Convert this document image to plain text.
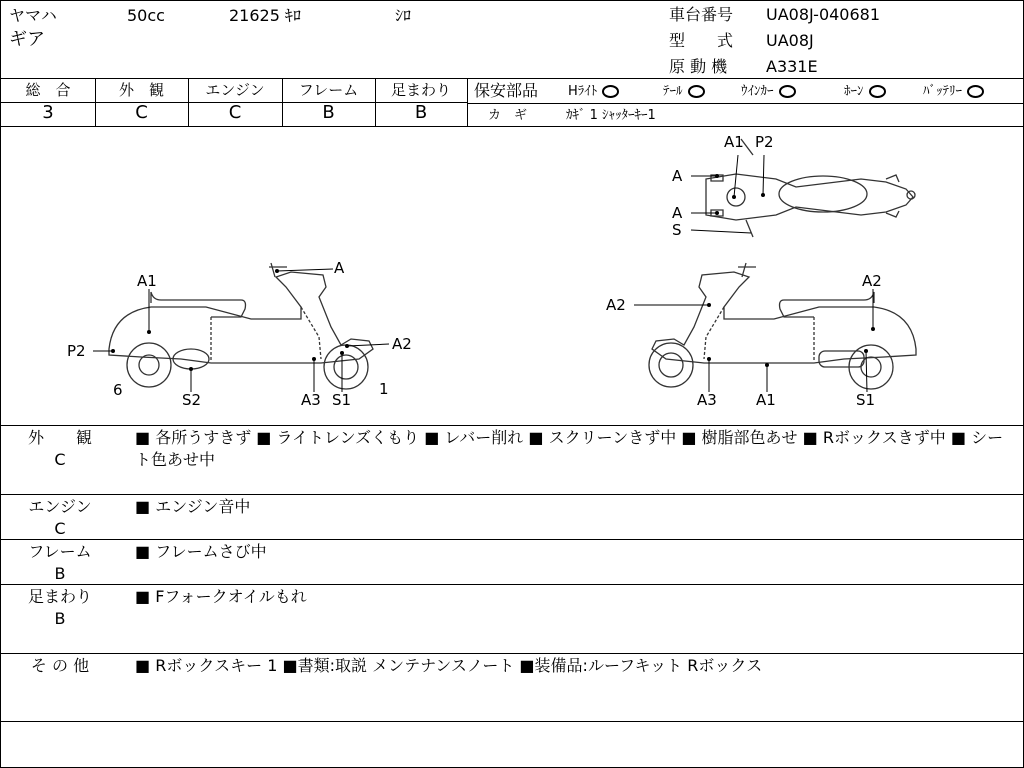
ヤマハ	50cc	21625 ｷﾛ	ｼﾛ
ギア
車台番号 UA08J-040681
型　　式 UA08J
原 動 機 A331E
総　合	外　観	エンジン	フレーム	足まわり
3	C	C	B	B
保安部品 Hﾗｲﾄ	ﾃｰﾙ	ｳｲﾝｶｰ	ﾎｰﾝ	ﾊﾞｯﾃﾘｰ
カ　ギ	ｶｷﾞ 1 ｼｬｯﾀｰｷｰ1
A1 P2
A
A
S
A
A1
P2
6
S2	A3 S1
1
A2
A2
A2
A3	A1	S1
外　　観
C
■ 各所うすきず ■ ライトレンズくもり ■ レバー削れ ■ スクリーンきず中 ■ 樹脂部色あせ ■ Rボックスきず中 ■ シート色あせ中
エンジン
C
■ エンジン音中
フレーム
B
■ フレームさび中
足まわり
B
■ Fフォークオイルもれ
そ の 他	■ Rボックスキー 1 ■書類:取説 メンテナンスノート ■装備品:ルーフキット Rボックス
